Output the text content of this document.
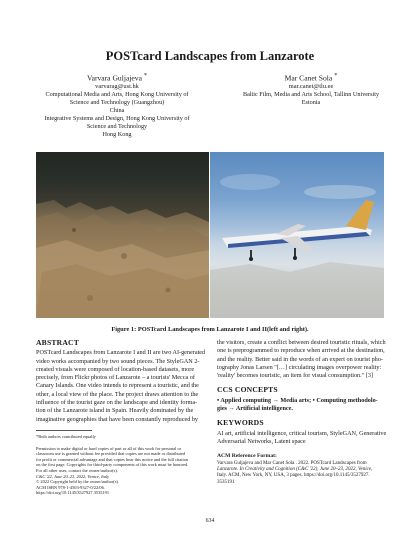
POSTcard Landscapes from Lanzarote
Varvara Guljajeva *
varvarag@ust.hk
Computational Media and Arts, Hong Kong University of
Science and Technology (Guangzhou)
China
Integrative Systems and Design, Hong Kong University of
Science and Technology
Hong Kong
Mar Canet Sola *
mar.canet@tlu.ee
Baltic Film, Media and Arts School, Tallinn University
Estonia
Figure 1: POSTcard Landscapes from Lanzarote I and II(left and right).
ABSTRACT
POSTcard Landscapes from Lanzarote I and II are two AI-generated
video works accompanied by two sound pieces. The StyleGAN 2-
created visuals were composed of location-based datasets, more
precisely, from Flickr photos of Lanzarote – a tourists' Mecca of
Canary Islands. One video intends to represent a touristic, and the
other, a local view of the place. The project draws attention to the
influence of the tourist gaze on the landscape and identity forma-
tion of the Lanzarote island in Spain. Heavily dominated by the
imaginative geographies that have been constantly reproduced by
*Both authors contributed equally
Permission to make digital or hard copies of part or all of this work for personal or
classroom use is granted without fee provided that copies are not made or distributed
for profit or commercial advantage and that copies bear this notice and the full citation
on the first page. Copyrights for third-party components of this work must be honored.
For all other uses, contact the owner/author(s).
C&C '22, June 20–23, 2022, Venice, Italy
© 2022 Copyright held by the owner/author(s).
ACM ISBN 978-1-4503-9327-0/22/06.
https://doi.org/10.1145/3527927.3535191
the visitors, create a conflict between desired touristic rituals, which
one is preprogrammed to reproduce when arrived at the destination,
and the reality. Better said in the words of an expert on tourist pho-
tography Jonas Larsen "[…] circulating images overpower reality:
'reality' becomes touristic, an item for visual consumption." [3]
CCS CONCEPTS
• Applied computing → Media arts; • Computing methodolo-
gies → Artificial intelligence.
KEYWORDS
AI art, artificial intelligence, critical tourism, StyleGAN, Generative
Adversarial Networks, Latent space
ACM Reference Format:
Varvara Guljajeva and Mar Canet Sola . 2022. POSTcard Landscapes from
Lanzarote. In Creativity and Cognition (C&C '22), June 20–23, 2022, Venice,
Italy. ACM, New York, NY, USA, 3 pages. https://doi.org/10.1145/3527927.
3535191
634
